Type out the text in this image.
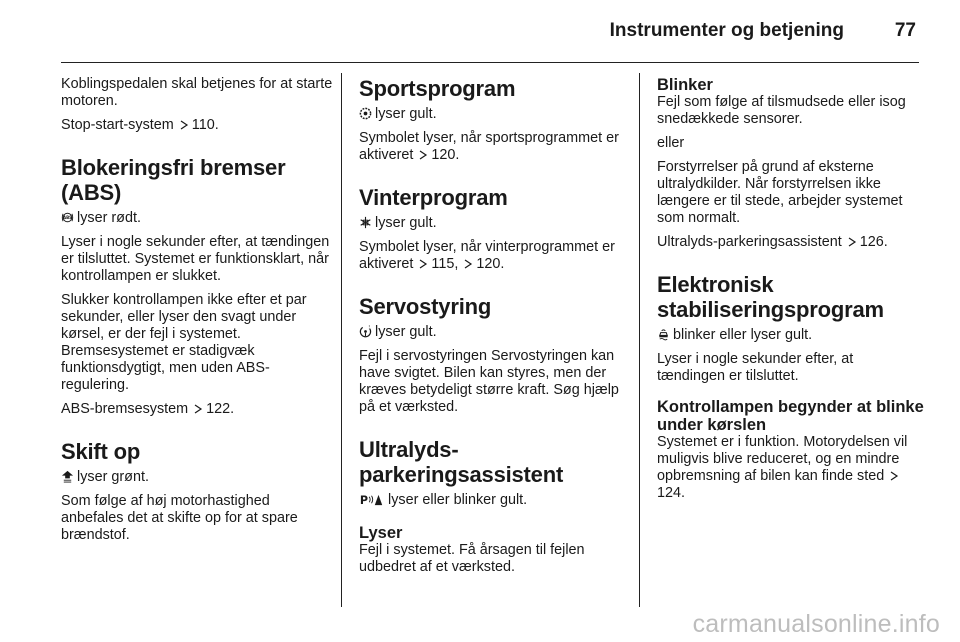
Instrumenter og betjening	77

Koblingspedalen skal betjenes for at starte motoren.

Stop-start-system 110.

Blokeringsfri bremser
(ABS)

ABS lyser rødt.

Lyser i nogle sekunder efter, at tændingen er tilsluttet. Systemet er funktionsklart, når kontrollampen er slukket.

Slukker kontrollampen ikke efter et par sekunder, eller lyser den svagt under kørsel, er der fejl i systemet. Bremsesystemet er stadigvæk funktionsdygtigt, men uden ABS-regulering.

ABS-bremsesystem 122.

Skift op

lyser grønt.

Som følge af høj motorhastighed anbefales det at skifte op for at spare brændstof.

Sportsprogram

lyser gult.

Symbolet lyser, når sportsprogrammet er aktiveret 120.

Vinterprogram

lyser gult.

Symbolet lyser, når vinterprogrammet er aktiveret 115, 120.

Servostyring

! lyser gult.

Fejl i servostyringen Servostyringen kan have svigtet. Bilen kan styres, men der kræves betydeligt større kraft. Søg hjælp på et værksted.

Ultralyds-
parkeringsassistent

P lyser eller blinker gult.

Lyser

Fejl i systemet. Få årsagen til fejlen udbedret af et værksted.

Blinker

Fejl som følge af tilsmudsede eller isog snedækkede sensorer.

eller

Forstyrrelser på grund af eksterne ultralydkilder. Når forstyrrelsen ikke længere er til stede, arbejder systemet som normalt.

Ultralyds-parkeringsassistent 126.

Elektronisk
stabiliseringsprogram

blinker eller lyser gult.

Lyser i nogle sekunder efter, at tændingen er tilsluttet.

Kontrollampen begynder at blinke under kørslen

Systemet er i funktion. Motorydelsen vil muligvis blive reduceret, og en mindre opbremsning af bilen kan finde sted 124.

carmanualsonline.info
